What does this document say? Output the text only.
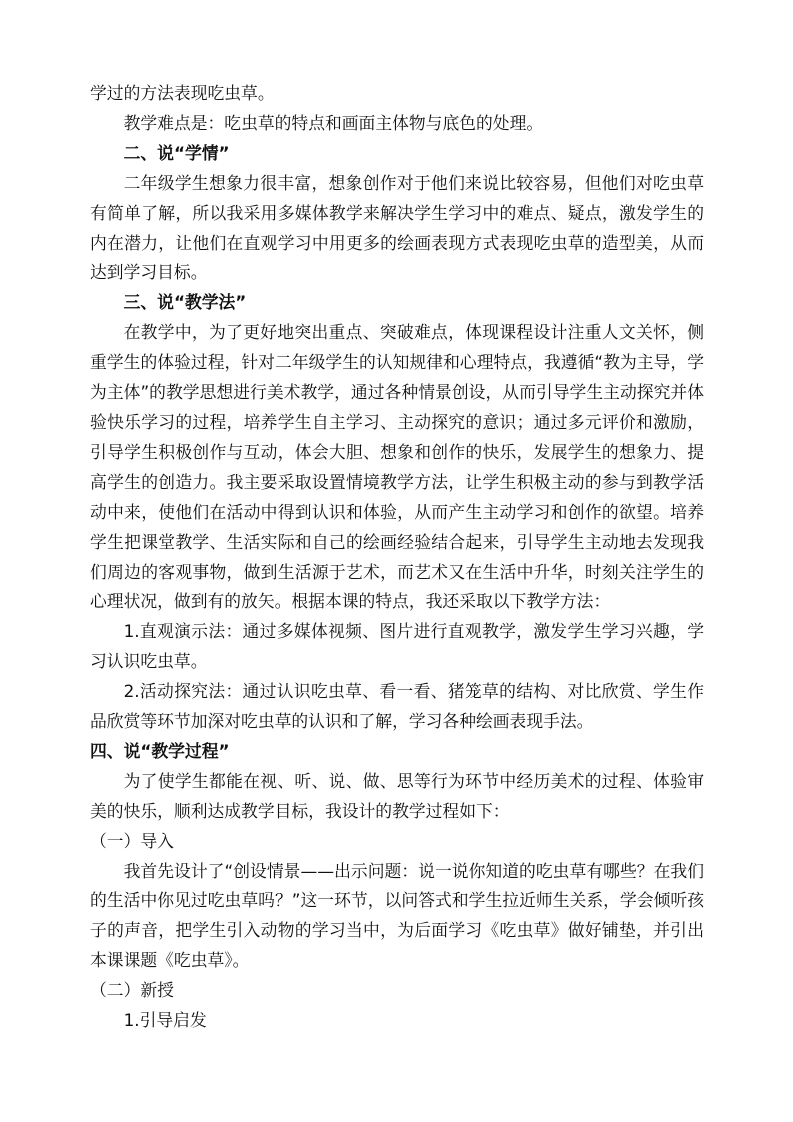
学过的方法表现吃虫草。

教学难点是：吃虫草的特点和画面主体物与底色的处理。

二、说“学情”

二年级学生想象力很丰富，想象创作对于他们来说比较容易，但他们对吃虫草有简单了解，所以我采用多媒体教学来解决学生学习中的难点、疑点，激发学生的内在潜力，让他们在直观学习中用更多的绘画表现方式表现吃虫草的造型美，从而达到学习目标。

三、说“教学法”

在教学中，为了更好地突出重点、突破难点，体现课程设计注重人文关怀，侧重学生的体验过程，针对二年级学生的认知规律和心理特点，我遵循“教为主导，学为主体”的教学思想进行美术教学，通过各种情景创设，从而引导学生主动探究并体验快乐学习的过程，培养学生自主学习、主动探究的意识；通过多元评价和激励，引导学生积极创作与互动，体会大胆、想象和创作的快乐，发展学生的想象力、提高学生的创造力。我主要采取设置情境教学方法，让学生积极主动的参与到教学活动中来，使他们在活动中得到认识和体验，从而产生主动学习和创作的欲望。培养学生把课堂教学、生活实际和自己的绘画经验结合起来，引导学生主动地去发现我们周边的客观事物，做到生活源于艺术，而艺术又在生活中升华，时刻关注学生的心理状况，做到有的放矢。根据本课的特点，我还采取以下教学方法：

1.直观演示法：通过多媒体视频、图片进行直观教学，激发学生学习兴趣，学习认识吃虫草。

2.活动探究法：通过认识吃虫草、看一看、猪笼草的结构、对比欣赏、学生作品欣赏等环节加深对吃虫草的认识和了解，学习各种绘画表现手法。

四、说“教学过程”

为了使学生都能在视、听、说、做、思等行为环节中经历美术的过程、体验审美的快乐，顺利达成教学目标，我设计的教学过程如下：

（一）导入

我首先设计了“创设情景——出示问题：说一说你知道的吃虫草有哪些？在我们的生活中你见过吃虫草吗？”这一环节，以问答式和学生拉近师生关系，学会倾听孩子的声音，把学生引入动物的学习当中，为后面学习《吃虫草》做好铺垫，并引出本课课题《吃虫草》。

（二）新授

1.引导启发
